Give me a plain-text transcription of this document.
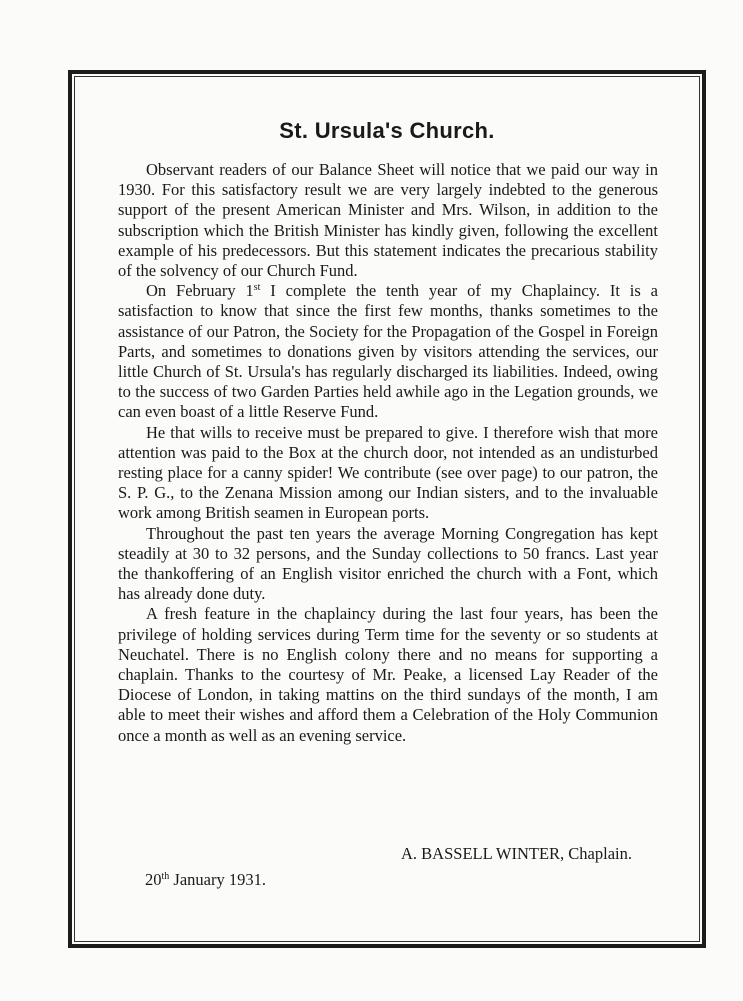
St. Ursula's Church.

Observant readers of our Balance Sheet will notice that we paid our way in 1930. For this satisfactory result we are very largely indebted to the generous support of the present American Minister and Mrs. Wilson, in addition to the subscription which the British Minister has kindly given, following the excellent example of his predecessors. But this statement indicates the precarious stability of the solvency of our Church Fund.

On February 1st I complete the tenth year of my Chaplaincy. It is a satisfaction to know that since the first few months, thanks sometimes to the assistance of our Patron, the Society for the Propagation of the Gospel in Foreign Parts, and sometimes to donations given by visitors attending the services, our little Church of St. Ursula's has regularly discharged its liabilities. Indeed, owing to the success of two Garden Parties held awhile ago in the Legation grounds, we can even boast of a little Reserve Fund.

He that wills to receive must be prepared to give. I therefore wish that more attention was paid to the Box at the church door, not intended as an undisturbed resting place for a canny spider! We contribute (see over page) to our patron, the S. P. G., to the Zenana Mission among our Indian sisters, and to the invaluable work among British seamen in European ports.

Throughout the past ten years the average Morning Congregation has kept steadily at 30 to 32 persons, and the Sunday collections to 50 francs. Last year the thankoffering of an English visitor enriched the church with a Font, which has already done duty.

A fresh feature in the chaplaincy during the last four years, has been the privilege of holding services during Term time for the seventy or so students at Neuchatel. There is no English colony there and no means for supporting a chaplain. Thanks to the courtesy of Mr. Peake, a licensed Lay Reader of the Diocese of London, in taking mattins on the third sundays of the month, I am able to meet their wishes and afford them a Celebration of the Holy Communion once a month as well as an evening service.

A. BASSELL WINTER, Chaplain.
20th January 1931.
